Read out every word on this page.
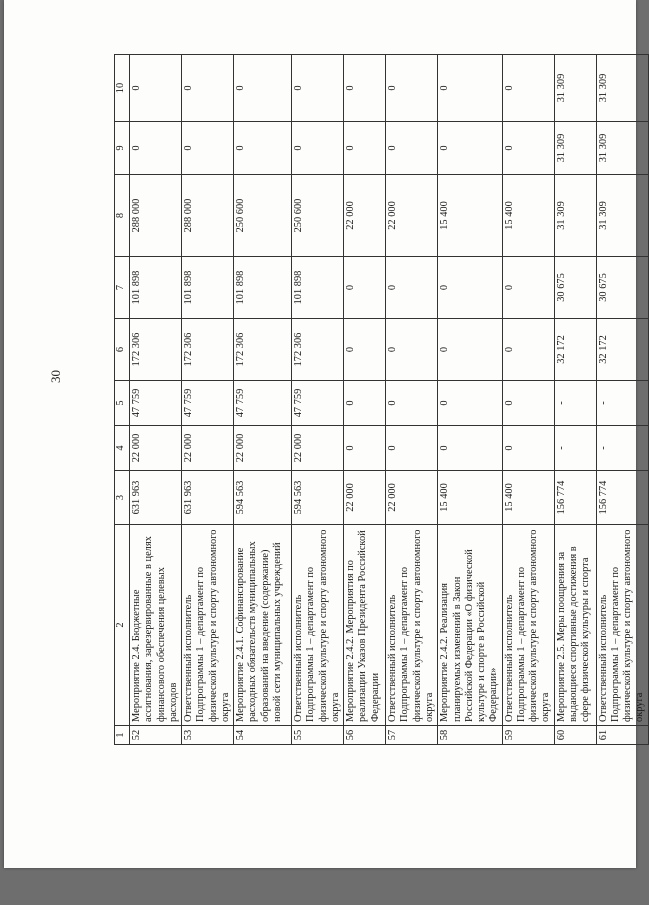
30
1	2	3	4	5	6	7	8	9	10
52	Мероприятие 2.4. Бюджетные ассигнования, зарезервированные в целях финансового обеспечения целевых расходов	631 963	22 000	47 759	172 306	101 898	288 000	0	0
53	Ответственный исполнитель Подпрограммы 1 – департамент по физической культуре и спорту автономного округа	631 963	22 000	47 759	172 306	101 898	288 000	0	0
54	Мероприятие 2.4.1. Софинансирование расходных обязательств муниципальных образований на введение (содержание) новой сети муниципальных учреждений	594 563	22 000	47 759	172 306	101 898	250 600	0	0
55	Ответственный исполнитель Подпрограммы 1 – департамент по физической культуре и спорту автономного округа	594 563	22 000	47 759	172 306	101 898	250 600	0	0
56	Мероприятие 2.4.2. Мероприятия по реализации Указов Президента Российской Федерации	22 000	0	0	0	0	22 000	0	0
57	Ответственный исполнитель Подпрограммы 1 – департамент по физической культуре и спорту автономного округа	22 000	0	0	0	0	22 000	0	0
58	Мероприятие 2.4.2. Реализация планируемых изменений в Закон Российской Федерации «О физической культуре и спорте в Российской Федерации»	15 400	0	0	0	0	15 400	0	0
59	Ответственный исполнитель Подпрограммы 1 – департамент по физической культуре и спорту автономного округа	15 400	0	0	0	0	15 400	0	0
60	Мероприятие 2.5. Меры поощрения за выдающиеся спортивные достижения в сфере физической культуры и спорта	156 774	-	-	32 172	30 675	31 309	31 309	31 309
61	Ответственный исполнитель Подпрограммы 1 – департамент по физической культуре и спорту автономного округа	156 774	-	-	32 172	30 675	31 309	31 309	31 309
